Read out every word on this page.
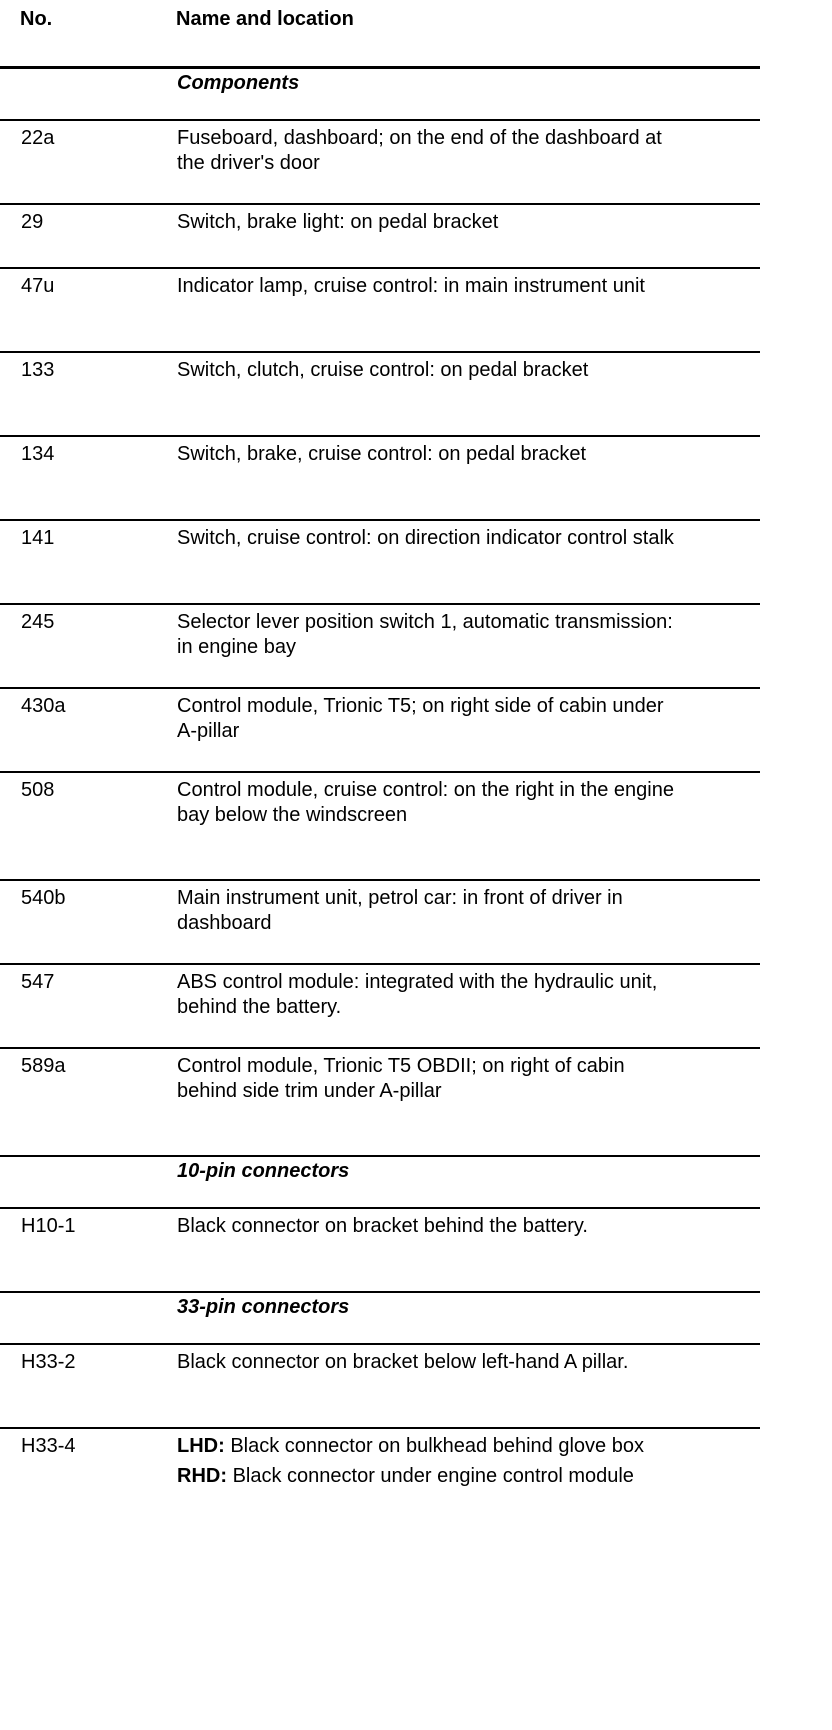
No.	Name and location
Components
22a	Fuseboard, dashboard; on the end of the dashboard at the driver's door
29	Switch, brake light: on pedal bracket
47u	Indicator lamp, cruise control: in main instrument unit
133	Switch, clutch, cruise control: on pedal bracket
134	Switch, brake, cruise control: on pedal bracket
141	Switch, cruise control: on direction indicator control stalk
245	Selector lever position switch 1, automatic transmission: in engine bay
430a	Control module, Trionic T5; on right side of cabin under A-pillar
508	Control module, cruise control: on the right in the engine bay below the windscreen
540b	Main instrument unit, petrol car: in front of driver in dashboard
547	ABS control module: integrated with the hydraulic unit, behind the battery.
589a	Control module, Trionic T5 OBDII; on right of cabin behind side trim under A-pillar
10-pin connectors
H10-1	Black connector on bracket behind the battery.
33-pin connectors
H33-2	Black connector on bracket below left-hand A pillar.
H33-4	LHD: Black connector on bulkhead behind glove box
RHD: Black connector under engine control module
